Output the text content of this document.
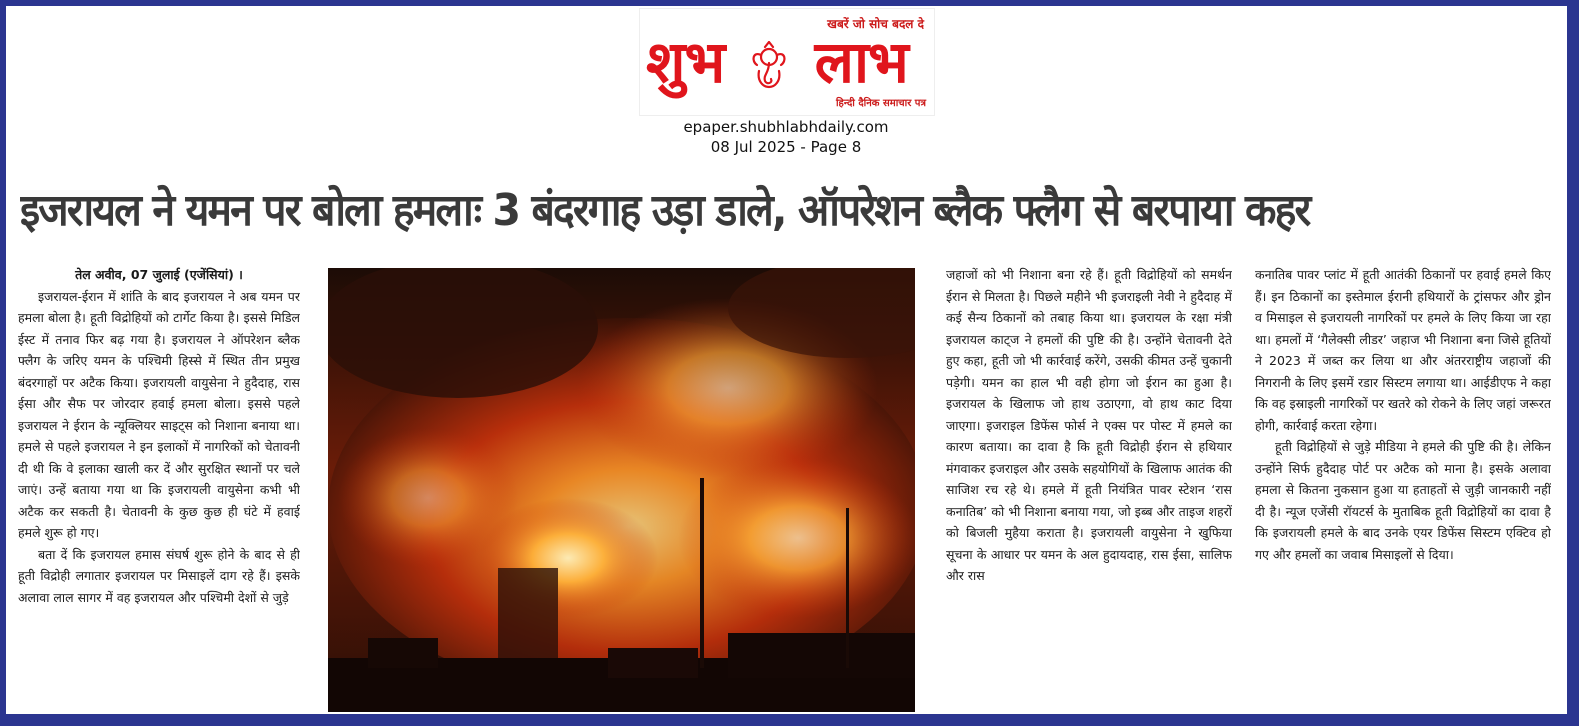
खबरें जो सोच बदल दे
शुभ लाभ
हिन्दी दैनिक समाचार पत्र
epaper.shubhlabhdaily.com
08 Jul 2025 - Page 8
इजरायल ने यमन पर बोला हमलाः 3 बंदरगाह उड़ा डाले, ऑपरेशन ब्लैक फ्लैग से बरपाया कहर

तेल अवीव, 07 जुलाई (एजेंसियां) ।

इजरायल-ईरान में शांति के बाद इजरायल ने अब यमन पर हमला बोला है। हूती विद्रोहियों को टार्गेट किया है। इससे मिडिल ईस्ट में तनाव फिर बढ़ गया है। इजरायल ने ऑपरेशन ब्लैक फ्लैग के जरिए यमन के पश्चिमी हिस्से में स्थित तीन प्रमुख बंदरगाहों पर अटैक किया। इजरायली वायुसेना ने हुदैदाह, रास ईसा और सैफ पर जोरदार हवाई हमला बोला। इससे पहले इजरायल ने ईरान के न्यूक्लियर साइट्स को निशाना बनाया था। हमले से पहले इजरायल ने इन इलाकों में नागरिकों को चेतावनी दी थी कि वे इलाका खाली कर दें और सुरक्षित स्थानों पर चले जाएं। उन्हें बताया गया था कि इजरायली वायुसेना कभी भी अटैक कर सकती है। चेतावनी के कुछ कुछ ही घंटे में हवाई हमले शुरू हो गए।

बता दें कि इजरायल हमास संघर्ष शुरू होने के बाद से ही हूती विद्रोही लगातार इजरायल पर मिसाइलें दाग रहे हैं। इसके अलावा लाल सागर में वह इजरायल और पश्चिमी देशों से जुड़े

जहाजों को भी निशाना बना रहे हैं। हूती विद्रोहियों को समर्थन ईरान से मिलता है। पिछले महीने भी इजराइली नेवी ने हुदैदाह में कई सैन्य ठिकानों को तबाह किया था। इजरायल के रक्षा मंत्री इजरायल काट्ज ने हमलों की पुष्टि की है। उन्होंने चेतावनी देते हुए कहा, हूती जो भी कार्रवाई करेंगे, उसकी कीमत उन्हें चुकानी पड़ेगी। यमन का हाल भी वही होगा जो ईरान का हुआ है। इजरायल के खिलाफ जो हाथ उठाएगा, वो हाथ काट दिया जाएगा। इजराइल डिफेंस फोर्स ने एक्स पर पोस्ट में हमले का कारण बताया। का दावा है कि हूती विद्रोही ईरान से हथियार मंगवाकर इजराइल और उसके सहयोगियों के खिलाफ आतंक की साजिश रच रहे थे। हमले में हूती नियंत्रित पावर स्टेशन ‘रास कनातिब’ को भी निशाना बनाया गया, जो इब्ब और ताइज शहरों को बिजली मुहैया कराता है। इजरायली वायुसेना ने खुफिया सूचना के आधार पर यमन के अल हुदायदाह, रास ईसा, सालिफ और रास

कनातिब पावर प्लांट में हूती आतंकी ठिकानों पर हवाई हमले किए हैं। इन ठिकानों का इस्तेमाल ईरानी हथियारों के ट्रांसफर और ड्रोन व मिसाइल से इजरायली नागरिकों पर हमले के लिए किया जा रहा था। हमलों में ‘गैलेक्सी लीडर’ जहाज भी निशाना बना जिसे हूतियों ने 2023 में जब्त कर लिया था और अंतरराष्ट्रीय जहाजों की निगरानी के लिए इसमें रडार सिस्टम लगाया था। आईडीएफ ने कहा कि वह इस्राइली नागरिकों पर खतरे को रोकने के लिए जहां जरूरत होगी, कार्रवाई करता रहेगा।

हूती विद्रोहियों से जुड़े मीडिया ने हमले की पुष्टि की है। लेकिन उन्होंने सिर्फ हुदैदाह पोर्ट पर अटैक को माना है। इसके अलावा हमला से कितना नुकसान हुआ या हताहतों से जुड़ी जानकारी नहीं दी है। न्यूज एजेंसी रॉयटर्स के मुताबिक हूती विद्रोहियों का दावा है कि इजरायली हमले के बाद उनके एयर डिफेंस सिस्टम एक्टिव हो गए और हमलों का जवाब मिसाइलों से दिया।
